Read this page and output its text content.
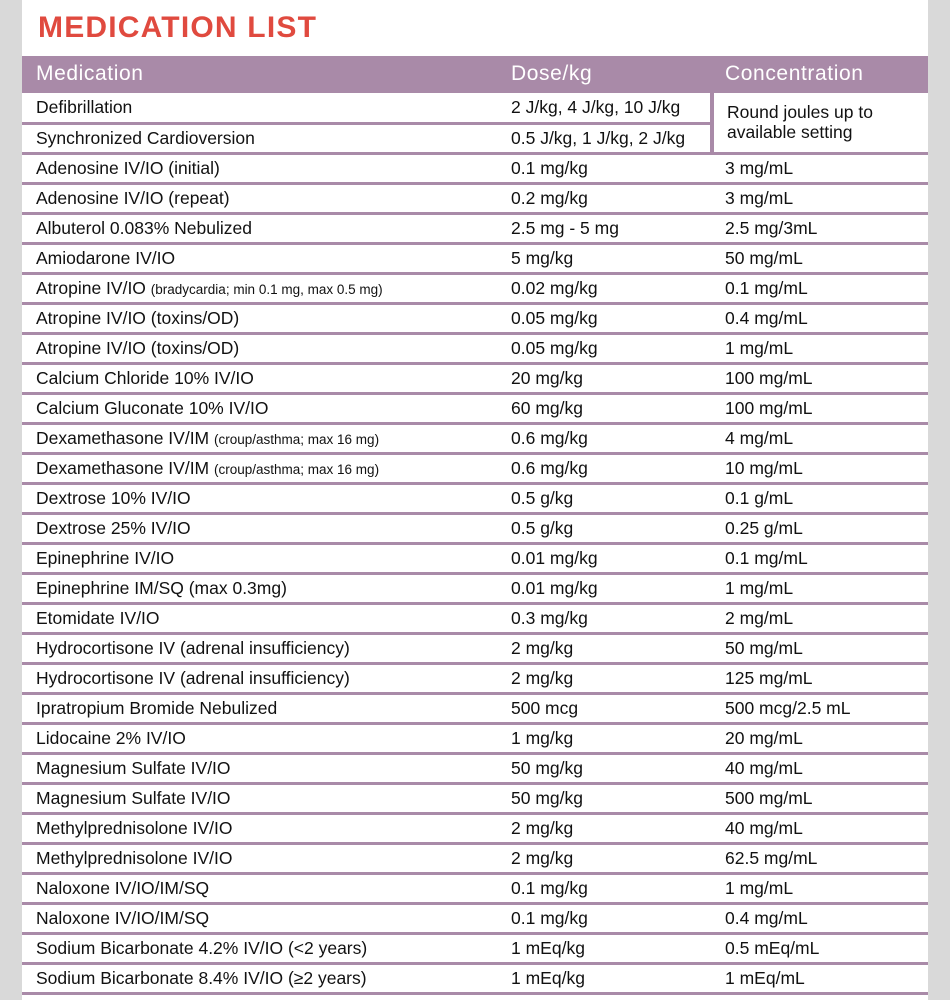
MEDICATION LIST
Medication	Dose/kg	Concentration
Defibrillation	2 J/kg, 4 J/kg, 10 J/kg	Round joules up to available setting
Synchronized Cardioversion	0.5 J/kg, 1 J/kg, 2 J/kg	
Adenosine IV/IO (initial)	0.1 mg/kg	3 mg/mL
Adenosine IV/IO (repeat)	0.2 mg/kg	3 mg/mL
Albuterol 0.083% Nebulized	2.5 mg - 5 mg	2.5 mg/3mL
Amiodarone IV/IO	5 mg/kg	50 mg/mL
Atropine IV/IO (bradycardia; min 0.1 mg, max 0.5 mg)	0.02 mg/kg	0.1 mg/mL
Atropine IV/IO (toxins/OD)	0.05 mg/kg	0.4 mg/mL
Atropine IV/IO (toxins/OD)	0.05 mg/kg	1 mg/mL
Calcium Chloride 10% IV/IO	20 mg/kg	100 mg/mL
Calcium Gluconate 10% IV/IO	60 mg/kg	100 mg/mL
Dexamethasone IV/IM (croup/asthma; max 16 mg)	0.6 mg/kg	4 mg/mL
Dexamethasone IV/IM (croup/asthma; max 16 mg)	0.6 mg/kg	10 mg/mL
Dextrose 10% IV/IO	0.5 g/kg	0.1 g/mL
Dextrose 25% IV/IO	0.5 g/kg	0.25 g/mL
Epinephrine IV/IO	0.01 mg/kg	0.1 mg/mL
Epinephrine IM/SQ (max 0.3mg)	0.01 mg/kg	1 mg/mL
Etomidate IV/IO	0.3 mg/kg	2 mg/mL
Hydrocortisone IV (adrenal insufficiency)	2 mg/kg	50 mg/mL
Hydrocortisone IV (adrenal insufficiency)	2 mg/kg	125 mg/mL
Ipratropium Bromide Nebulized	500 mcg	500 mcg/2.5 mL
Lidocaine 2% IV/IO	1 mg/kg	20 mg/mL
Magnesium Sulfate IV/IO	50 mg/kg	40 mg/mL
Magnesium Sulfate IV/IO	50 mg/kg	500 mg/mL
Methylprednisolone IV/IO	2 mg/kg	40 mg/mL
Methylprednisolone IV/IO	2 mg/kg	62.5 mg/mL
Naloxone IV/IO/IM/SQ	0.1 mg/kg	1 mg/mL
Naloxone IV/IO/IM/SQ	0.1 mg/kg	0.4 mg/mL
Sodium Bicarbonate 4.2% IV/IO (<2 years)	1 mEq/kg	0.5 mEq/mL
Sodium Bicarbonate 8.4% IV/IO (≥2 years)	1 mEq/kg	1 mEq/mL
